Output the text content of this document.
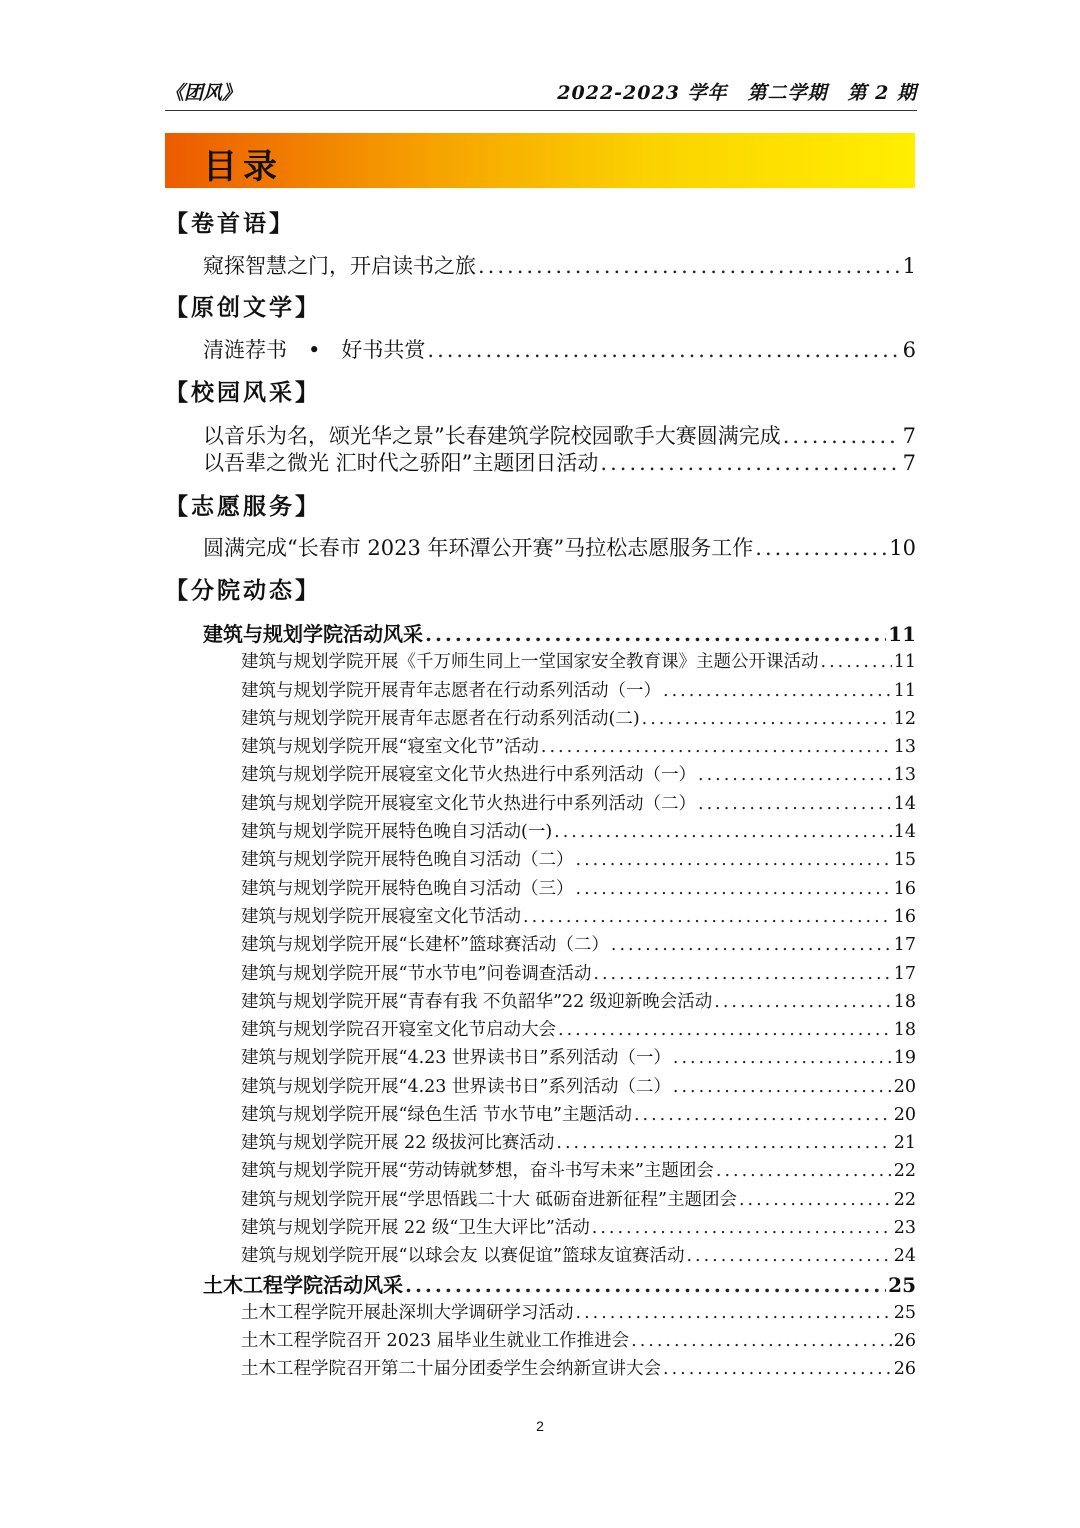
《团风》	2022-2023 学年　第二学期　第 2 期
目录
【卷首语】
窥探智慧之门，开启读书之旅 .....	1
【原创文学】
清涟荐书　•　好书共赏 .....	6
【校园风采】
以音乐为名，颂光华之景”长春建筑学院校园歌手大赛圆满完成 .....	7
以吾辈之微光 汇时代之骄阳”主题团日活动 .....	7
【志愿服务】
圆满完成“长春市 2023 年环潭公开赛”马拉松志愿服务工作 .....	10
【分院动态】
建筑与规划学院活动风采 .....	11
建筑与规划学院开展《千万师生同上一堂国家安全教育课》主题公开课活动 .....	11
建筑与规划学院开展青年志愿者在行动系列活动（一） .....	11
建筑与规划学院开展青年志愿者在行动系列活动(二) .....	12
建筑与规划学院开展“寝室文化节”活动 .....	13
建筑与规划学院开展寝室文化节火热进行中系列活动（一） .....	13
建筑与规划学院开展寝室文化节火热进行中系列活动（二） .....	14
建筑与规划学院开展特色晚自习活动(一) .....	14
建筑与规划学院开展特色晚自习活动（二） .....	15
建筑与规划学院开展特色晚自习活动（三） .....	16
建筑与规划学院开展寝室文化节活动 .....	16
建筑与规划学院开展“长建杯”篮球赛活动（二） .....	17
建筑与规划学院开展“节水节电”问卷调查活动 .....	17
建筑与规划学院开展“青春有我 不负韶华”22 级迎新晚会活动 .....	18
建筑与规划学院召开寝室文化节启动大会 .....	18
建筑与规划学院开展“4.23 世界读书日”系列活动（一） .....	19
建筑与规划学院开展“4.23 世界读书日”系列活动（二） .....	20
建筑与规划学院开展“绿色生活 节水节电”主题活动 .....	20
建筑与规划学院开展 22 级拔河比赛活动 .....	21
建筑与规划学院开展“劳动铸就梦想，奋斗书写未来”主题团会 .....	22
建筑与规划学院开展“学思悟践二十大 砥砺奋进新征程”主题团会 .....	22
建筑与规划学院开展 22 级“卫生大评比”活动 .....	23
建筑与规划学院开展“以球会友 以赛促谊”篮球友谊赛活动 .....	24
土木工程学院活动风采 .....	25
土木工程学院开展赴深圳大学调研学习活动 .....	25
土木工程学院召开 2023 届毕业生就业工作推进会 .....	26
土木工程学院召开第二十届分团委学生会纳新宣讲大会 .....	26
2
